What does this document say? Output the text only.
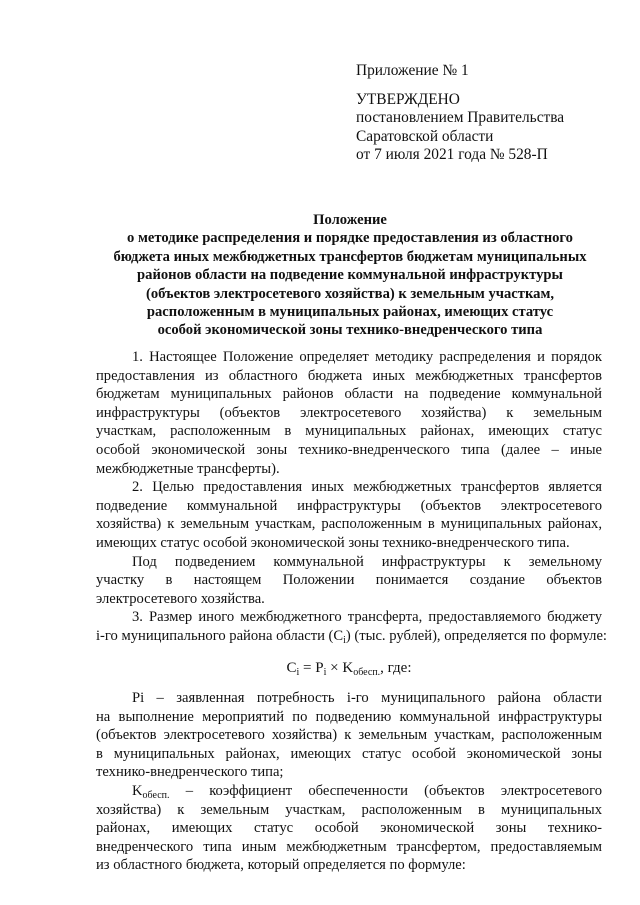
Приложение № 1
УТВЕРЖДЕНО
постановлением Правительства
Саратовской области
от 7 июля 2021 года № 528-П
Положение
о методике распределения и порядке предоставления из областного
бюджета иных межбюджетных трансфертов бюджетам муниципальных
районов области на подведение коммунальной инфраструктуры
(объектов электросетевого хозяйства) к земельным участкам,
расположенным в муниципальных районах, имеющих статус
особой экономической зоны технико-внедренческого типа
1. Настоящее Положение определяет методику распределения и порядок
предоставления из областного бюджета иных межбюджетных трансфертов
бюджетам муниципальных районов области на подведение коммунальной
инфраструктуры (объектов электросетевого хозяйства) к земельным
участкам, расположенным в муниципальных районах, имеющих статус
особой экономической зоны технико-внедренческого типа (далее – иные
межбюджетные трансферты).
2. Целью предоставления иных межбюджетных трансфертов является
подведение коммунальной инфраструктуры (объектов электросетевого
хозяйства) к земельным участкам, расположенным в муниципальных районах,
имеющих статус особой экономической зоны технико-внедренческого типа.
Под подведением коммунальной инфраструктуры к земельному
участку в настоящем Положении понимается создание объектов
электросетевого хозяйства.
3. Размер иного межбюджетного трансферта, предоставляемого бюджету
i-го муниципального района области $(C_i)$ (тыс. рублей), определяется по формуле:
$C_i = P_i \times K_{обесп.}$, где:
Pi – заявленная потребность i-го муниципального района области
на выполнение мероприятий по подведению коммунальной инфраструктуры
(объектов электросетевого хозяйства) к земельным участкам, расположенным
в муниципальных районах, имеющих статус особой экономической зоны
технико-внедренческого типа;
$K_{обесп.}$ – коэффициент обеспеченности (объектов электросетевого
хозяйства) к земельным участкам, расположенным в муниципальных
районах, имеющих статус особой экономической зоны технико-
внедренческого типа иным межбюджетным трансфертом, предоставляемым
из областного бюджета, который определяется по формуле:
